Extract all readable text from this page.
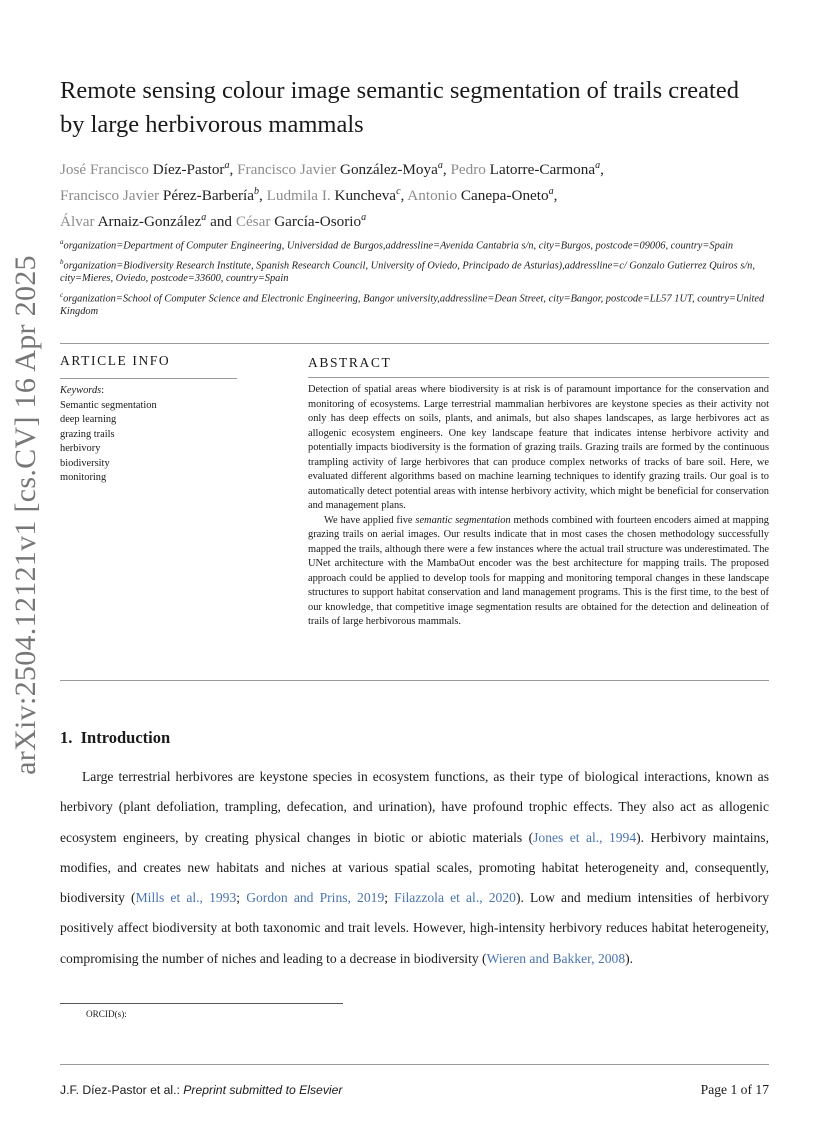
arXiv:2504.12121v1 [cs.CV] 16 Apr 2025
Remote sensing colour image semantic segmentation of trails created by large herbivorous mammals
José Francisco Díez-Pastor$^a$, Francisco Javier González-Moya$^a$, Pedro Latorre-Carmona$^a$,
Francisco Javier Pérez-Barbería$^b$, Ludmila I. Kuncheva$^c$, Antonio Canepa-Oneto$^a$,
Álvar Arnaiz-González$^a$ and César García-Osorio$^a$

$^a$organization=Department of Computer Engineering, Universidad de Burgos,addressline=Avenida Cantabria s/n, city=Burgos, postcode=09006, country=Spain

$^b$organization=Biodiversity Research Institute, Spanish Research Council, University of Oviedo, Principado de Asturias),addressline=c/ Gonzalo Gutierrez Quiros s/n, city=Mieres, Oviedo, postcode=33600, country=Spain

$^c$organization=School of Computer Science and Electronic Engineering, Bangor university,addressline=Dean Street, city=Bangor, postcode=LL57 1UT, country=United Kingdom

ARTICLE INFO	ABSTRACT
Keywords:
Semantic segmentation
deep learning
grazing trails
herbivory
biodiversity
monitoring

Detection of spatial areas where biodiversity is at risk is of paramount importance for the conservation and monitoring of ecosystems. Large terrestrial mammalian herbivores are keystone species as their activity not only has deep effects on soils, plants, and animals, but also shapes landscapes, as large herbivores act as allogenic ecosystem engineers. One key landscape feature that indicates intense herbivore activity and potentially impacts biodiversity is the formation of grazing trails. Grazing trails are formed by the continuous trampling activity of large herbivores that can produce complex networks of tracks of bare soil. Here, we evaluated different algorithms based on machine learning techniques to identify grazing trails. Our goal is to automatically detect potential areas with intense herbivory activity, which might be beneficial for conservation and management plans.

We have applied five semantic segmentation methods combined with fourteen encoders aimed at mapping grazing trails on aerial images. Our results indicate that in most cases the chosen methodology successfully mapped the trails, although there were a few instances where the actual trail structure was underestimated. The UNet architecture with the MambaOut encoder was the best architecture for mapping trails. The proposed approach could be applied to develop tools for mapping and monitoring temporal changes in these landscape structures to support habitat conservation and land management programs. This is the first time, to the best of our knowledge, that competitive image segmentation results are obtained for the detection and delineation of trails of large herbivorous mammals.

1. Introduction

Large terrestrial herbivores are keystone species in ecosystem functions, as their type of biological interactions, known as herbivory (plant defoliation, trampling, defecation, and urination), have profound trophic effects. They also act as allogenic ecosystem engineers, by creating physical changes in biotic or abiotic materials (Jones et al., 1994). Herbivory maintains, modifies, and creates new habitats and niches at various spatial scales, promoting habitat heterogeneity and, consequently, biodiversity (Mills et al., 1993; Gordon and Prins, 2019; Filazzola et al., 2020). Low and medium intensities of herbivory positively affect biodiversity at both taxonomic and trait levels. However, high-intensity herbivory reduces habitat heterogeneity, compromising the number of niches and leading to a decrease in biodiversity (Wieren and Bakker, 2008).

ORCID(s):
J.F. Díez-Pastor et al.: Preprint submitted to Elsevier	Page 1 of 17
